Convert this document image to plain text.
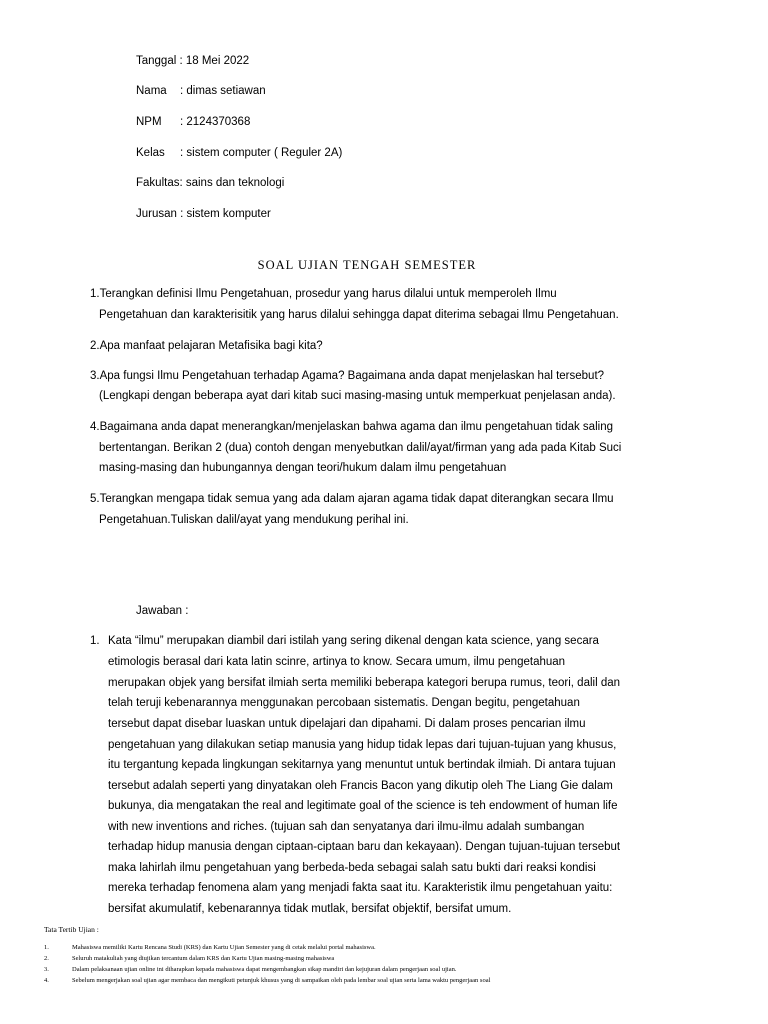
Tanggal : 18 Mei 2022
Nama : dimas setiawan
NPM : 2124370368
Kelas : sistem computer ( Reguler 2A)
Fakultas: sains dan teknologi
Jurusan : sistem komputer
SOAL UJIAN TENGAH SEMESTER
1.Terangkan definisi Ilmu Pengetahuan, prosedur yang harus dilalui untuk memperoleh Ilmu
Pengetahuan dan karakterisitik yang harus dilalui sehingga dapat diterima sebagai Ilmu Pengetahuan.
2.Apa manfaat pelajaran Metafisika bagi kita?
3.Apa fungsi Ilmu Pengetahuan terhadap Agama? Bagaimana anda dapat menjelaskan hal tersebut?
(Lengkapi dengan beberapa ayat dari kitab suci masing-masing untuk memperkuat penjelasan anda).
4.Bagaimana anda dapat menerangkan/menjelaskan bahwa agama dan ilmu pengetahuan tidak saling
bertentangan. Berikan 2 (dua) contoh dengan menyebutkan dalil/ayat/firman yang ada pada Kitab Suci
masing-masing dan hubungannya dengan teori/hukum dalam ilmu pengetahuan
5.Terangkan mengapa tidak semua yang ada dalam ajaran agama tidak dapat diterangkan secara Ilmu
Pengetahuan.Tuliskan dalil/ayat yang mendukung perihal ini.
Jawaban :
1. Kata “ilmu” merupakan diambil dari istilah yang sering dikenal dengan kata science, yang secara
etimologis berasal dari kata latin scinre, artinya to know. Secara umum, ilmu pengetahuan
merupakan objek yang bersifat ilmiah serta memiliki beberapa kategori berupa rumus, teori, dalil dan
telah teruji kebenarannya menggunakan percobaan sistematis. Dengan begitu, pengetahuan
tersebut dapat disebar luaskan untuk dipelajari dan dipahami. Di dalam proses pencarian ilmu
pengetahuan yang dilakukan setiap manusia yang hidup tidak lepas dari tujuan-tujuan yang khusus,
itu tergantung kepada lingkungan sekitarnya yang menuntut untuk bertindak ilmiah. Di antara tujuan
tersebut adalah seperti yang dinyatakan oleh Francis Bacon yang dikutip oleh The Liang Gie dalam
bukunya, dia mengatakan the real and legitimate goal of the science is teh endowment of human life
with new inventions and riches. (tujuan sah dan senyatanya dari ilmu-ilmu adalah sumbangan
terhadap hidup manusia dengan ciptaan-ciptaan baru dan kekayaan). Dengan tujuan-tujuan tersebut
maka lahirlah ilmu pengetahuan yang berbeda-beda sebagai salah satu bukti dari reaksi kondisi
mereka terhadap fenomena alam yang menjadi fakta saat itu. Karakteristik ilmu pengetahuan yaitu:
bersifat akumulatif, kebenarannya tidak mutlak, bersifat objektif, bersifat umum.
Tata Tertib Ujian :
1.	Mahasiswa memiliki Kartu Rencana Studi (KRS) dan Kartu Ujian Semester yang di cetak melalui portal mahasiswa.
2.	Seluruh matakuliah yang diujikan tercantum dalam KRS dan Kartu Ujian masing-masing mahasiswa
3.	Dalam pelaksanaan ujian online ini diharapkan kepada mahasiswa dapat mengembangkan sikap mandiri dan kejujuran dalam pengerjaan soal ujian.
4.	Sebelum mengerjakan soal ujian agar membaca dan mengikuti petunjuk khusus yang di sampaikan oleh pada lembar soal ujian serta lama waktu pengerjaan soal
